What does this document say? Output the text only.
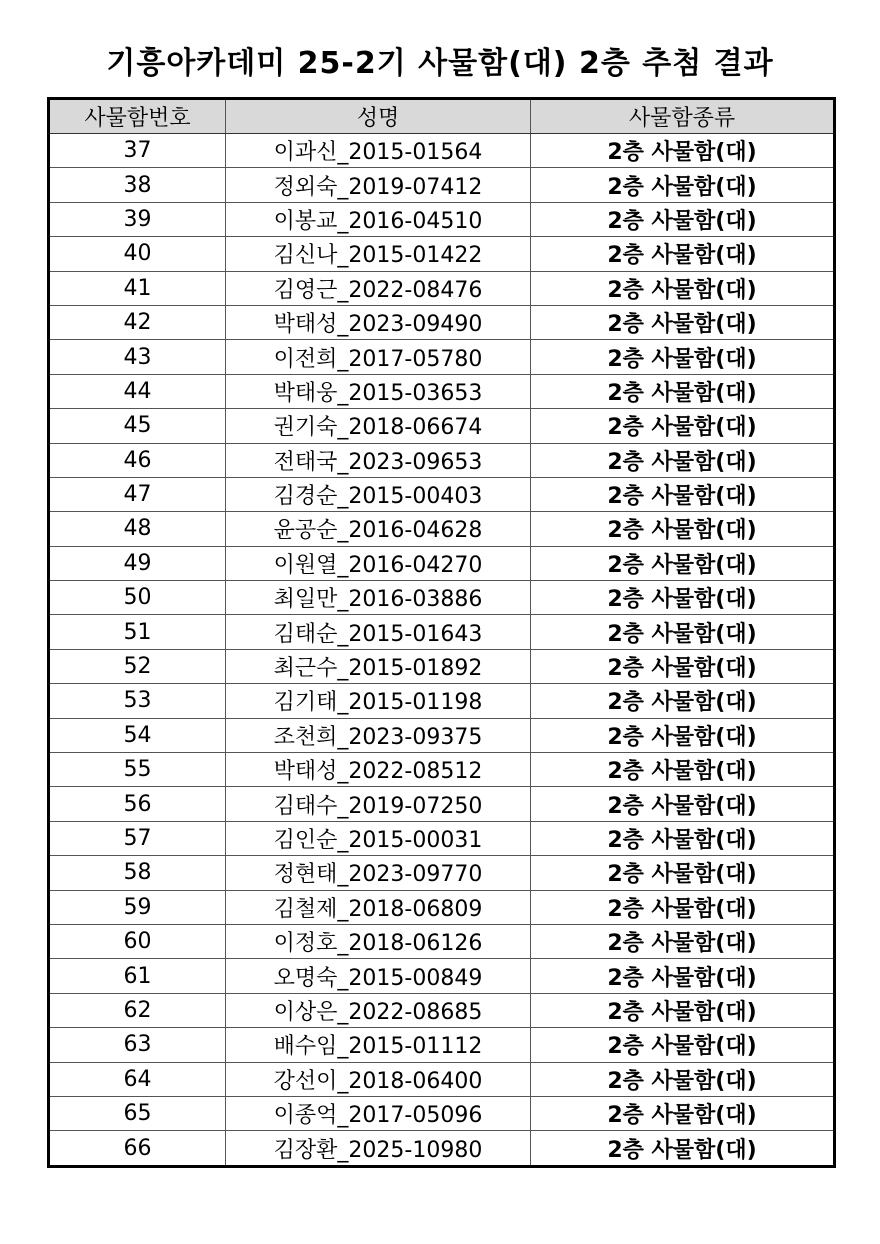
기흥아카데미 25-2기 사물함(대) 2층 추첨 결과
사물함번호	성명	사물함종류
37	이과신_2015-01564	2층 사물함(대)
38	정외숙_2019-07412	2층 사물함(대)
39	이봉교_2016-04510	2층 사물함(대)
40	김신나_2015-01422	2층 사물함(대)
41	김영근_2022-08476	2층 사물함(대)
42	박태성_2023-09490	2층 사물함(대)
43	이전희_2017-05780	2층 사물함(대)
44	박태웅_2015-03653	2층 사물함(대)
45	권기숙_2018-06674	2층 사물함(대)
46	전태국_2023-09653	2층 사물함(대)
47	김경순_2015-00403	2층 사물함(대)
48	윤공순_2016-04628	2층 사물함(대)
49	이원열_2016-04270	2층 사물함(대)
50	최일만_2016-03886	2층 사물함(대)
51	김태순_2015-01643	2층 사물함(대)
52	최근수_2015-01892	2층 사물함(대)
53	김기태_2015-01198	2층 사물함(대)
54	조천희_2023-09375	2층 사물함(대)
55	박태성_2022-08512	2층 사물함(대)
56	김태수_2019-07250	2층 사물함(대)
57	김인순_2015-00031	2층 사물함(대)
58	정현태_2023-09770	2층 사물함(대)
59	김철제_2018-06809	2층 사물함(대)
60	이정호_2018-06126	2층 사물함(대)
61	오명숙_2015-00849	2층 사물함(대)
62	이상은_2022-08685	2층 사물함(대)
63	배수임_2015-01112	2층 사물함(대)
64	강선이_2018-06400	2층 사물함(대)
65	이종억_2017-05096	2층 사물함(대)
66	김장환_2025-10980	2층 사물함(대)
